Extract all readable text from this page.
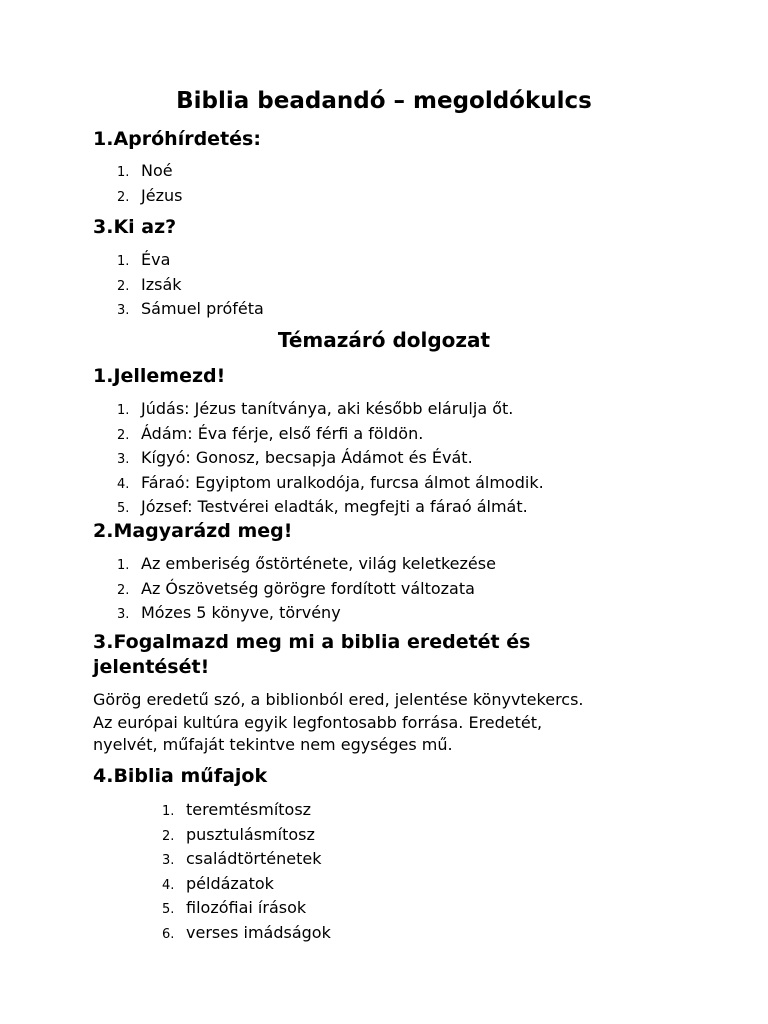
Biblia beadandó – megoldókulcs
1.Apróhírdetés:
1. Noé
2. Jézus
3.Ki az?
1. Éva
2. Izsák
3. Sámuel próféta
Témazáró dolgozat
1.Jellemezd!
1. Júdás: Jézus tanítványa, aki később elárulja őt.
2. Ádám: Éva férje, első férfi a földön.
3. Kígyó: Gonosz, becsapja Ádámot és Évát.
4. Fáraó: Egyiptom uralkodója, furcsa álmot álmodik.
5. József: Testvérei eladták, megfejti a fáraó álmát.
2.Magyarázd meg!
1. Az emberiség őstörténete, világ keletkezése
2. Az Ószövetség görögre fordított változata
3. Mózes 5 könyve, törvény
3.Fogalmazd meg mi a biblia eredetét és
jelentését!
Görög eredetű szó, a biblionból ered, jelentése könyvtekercs.
Az európai kultúra egyik legfontosabb forrása. Eredetét,
nyelvét, műfaját tekintve nem egységes mű.
4.Biblia műfajok
1. teremtésmítosz
2. pusztulásmítosz
3. családtörténetek
4. példázatok
5. filozófiai írások
6. verses imádságok
